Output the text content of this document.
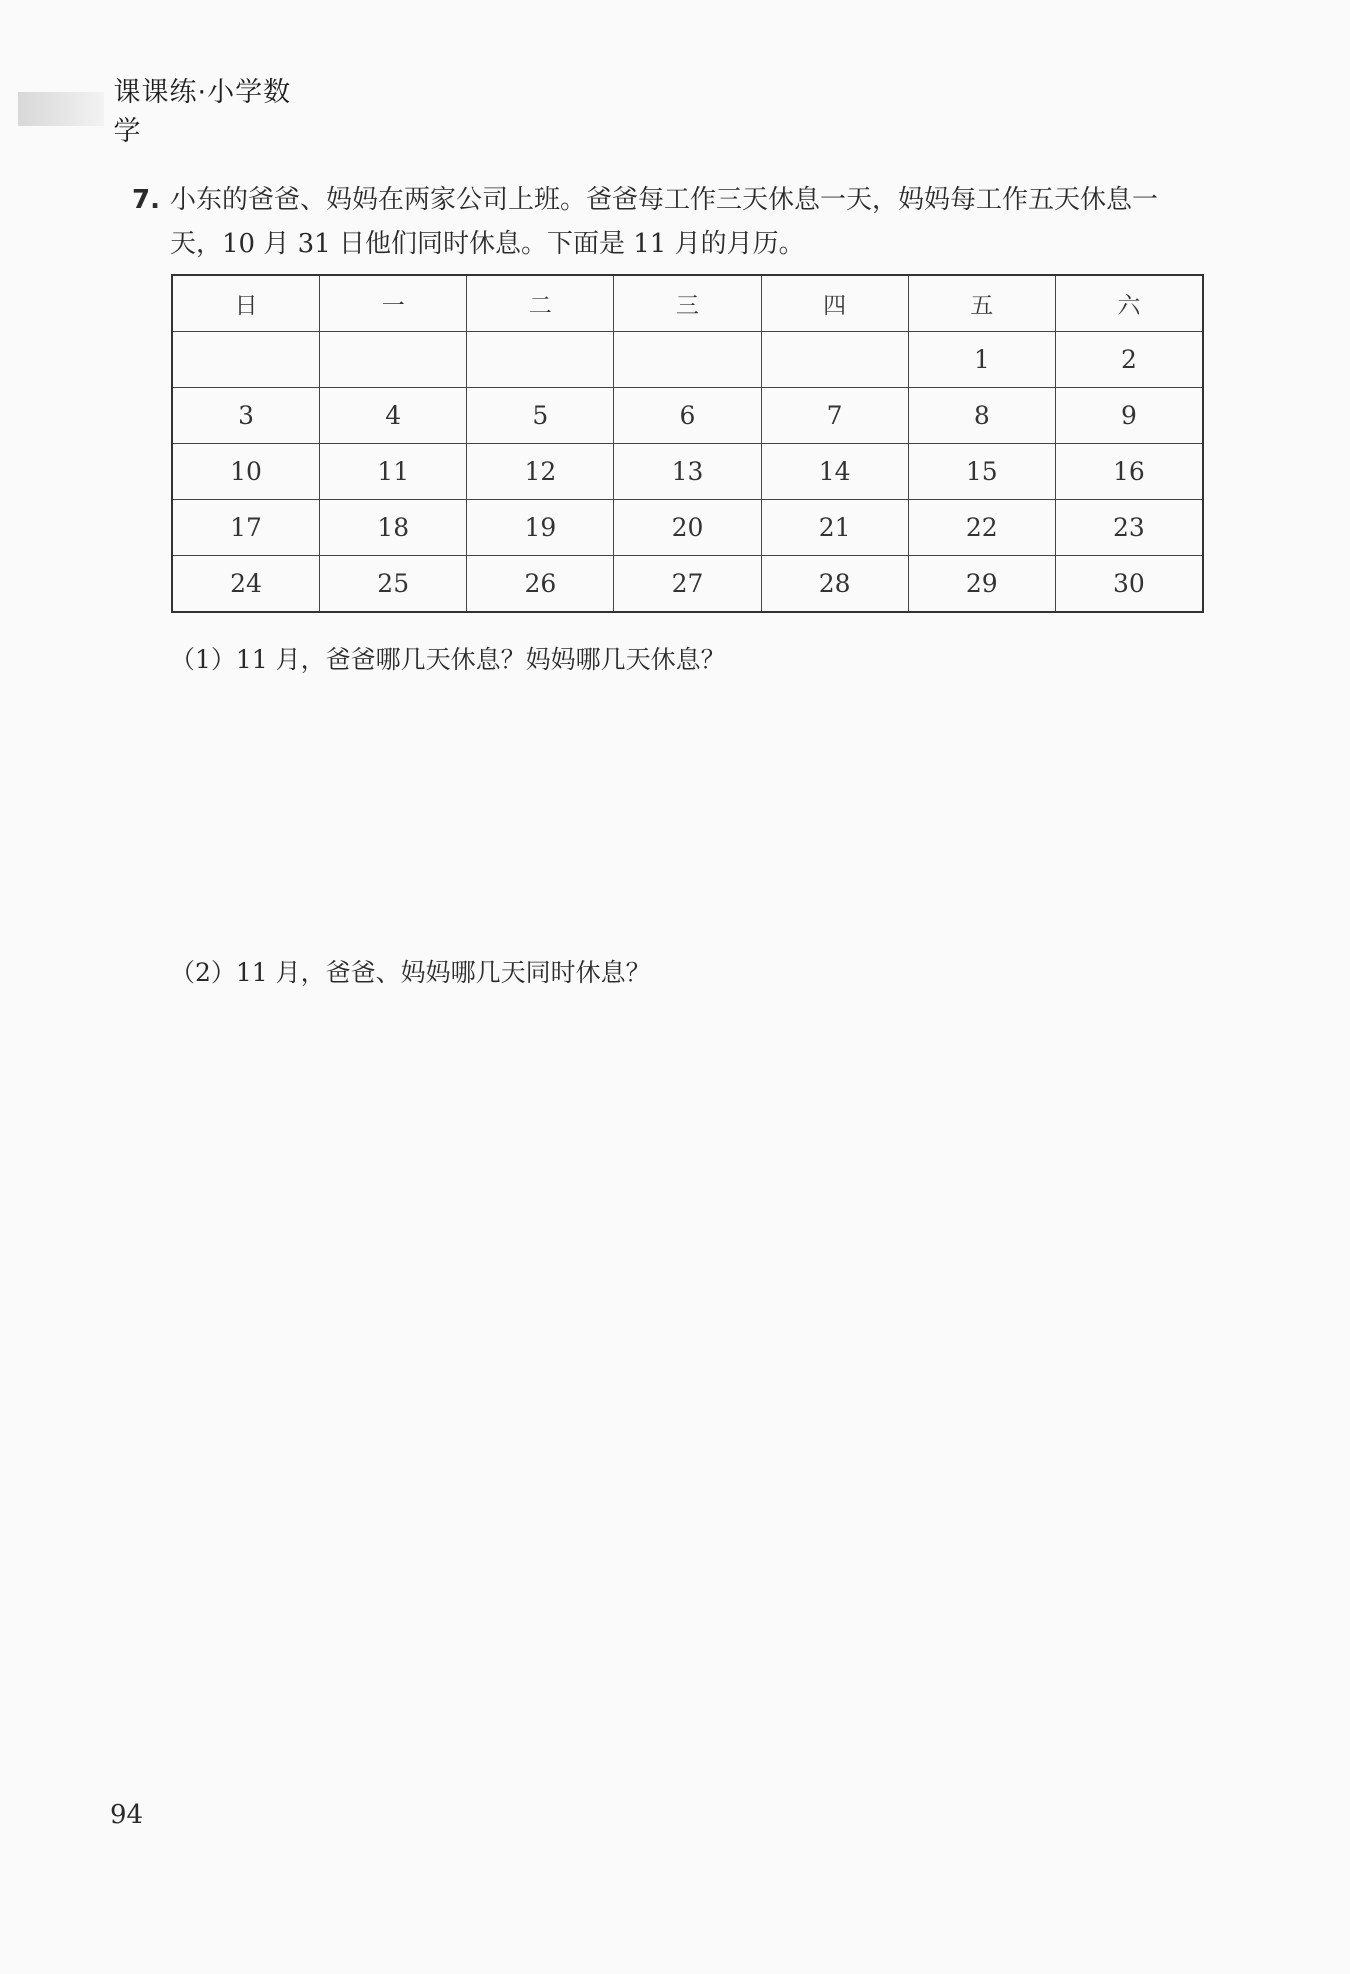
课课练·小学数学
7. 小东的爸爸、妈妈在两家公司上班。爸爸每工作三天休息一天，妈妈每工作五天休息一
天，10 月 31 日他们同时休息。下面是 11 月的月历。
日	一	二	三	四	五	六
					1	2
3	4	5	6	7	8	9
10	11	12	13	14	15	16
17	18	19	20	21	22	23
24	25	26	27	28	29	30
（1）11 月，爸爸哪几天休息？妈妈哪几天休息？
（2）11 月，爸爸、妈妈哪几天同时休息？
94
